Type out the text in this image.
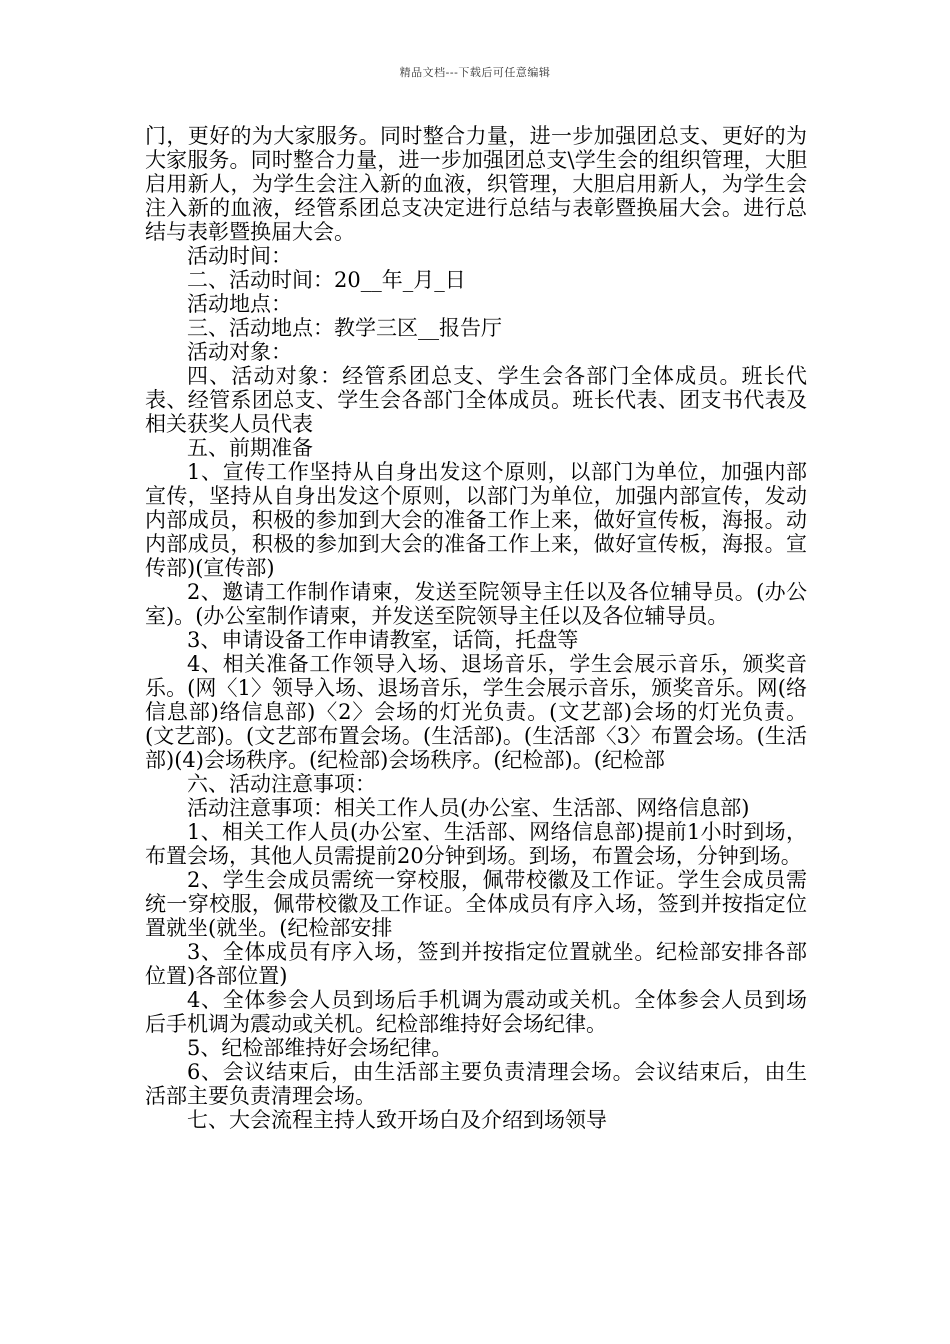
精品文档---下载后可任意编辑

门，更好的为大家服务。同时整合力量，进一步加强团总支、更好的为大家服务。同时整合力量，进一步加强团总支\学生会的组织管理，大胆启用新人，为学生会注入新的血液，织管理，大胆启用新人，为学生会注入新的血液，经管系团总支决定进行总结与表彰暨换届大会。进行总结与表彰暨换届大会。

活动时间：

二、活动时间：20__年_月_日

活动地点：

三、活动地点：教学三区__报告厅

活动对象：

四、活动对象：经管系团总支、学生会各部门全体成员。班长代表、经管系团总支、学生会各部门全体成员。班长代表、团支书代表及相关获奖人员代表

五、前期准备

1、宣传工作坚持从自身出发这个原则，以部门为单位，加强内部宣传，坚持从自身出发这个原则，以部门为单位，加强内部宣传，发动内部成员，积极的参加到大会的准备工作上来，做好宣传板，海报。动内部成员，积极的参加到大会的准备工作上来，做好宣传板，海报。宣传部)(宣传部)

2、邀请工作制作请柬，发送至院领导主任以及各位辅导员。(办公室)。(办公室制作请柬，并发送至院领导主任以及各位辅导员。

3、申请设备工作申请教室，话筒，托盘等

4、相关准备工作领导入场、退场音乐，学生会展示音乐，颁奖音乐。(网〈1〉领导入场、退场音乐，学生会展示音乐，颁奖音乐。网(络信息部)络信息部)〈2〉会场的灯光负责。(文艺部)会场的灯光负责。(文艺部)。(文艺部布置会场。(生活部)。(生活部〈3〉布置会场。(生活部)(4)会场秩序。(纪检部)会场秩序。(纪检部)。(纪检部

六、活动注意事项：

活动注意事项：相关工作人员(办公室、生活部、网络信息部)

1、相关工作人员(办公室、生活部、网络信息部)提前1小时到场，布置会场，其他人员需提前20分钟到场。到场，布置会场，分钟到场。

2、学生会成员需统一穿校服，佩带校徽及工作证。学生会成员需统一穿校服，佩带校徽及工作证。全体成员有序入场，签到并按指定位置就坐(就坐。(纪检部安排

3、全体成员有序入场，签到并按指定位置就坐。纪检部安排各部位置)各部位置)

4、全体参会人员到场后手机调为震动或关机。全体参会人员到场后手机调为震动或关机。纪检部维持好会场纪律。

5、纪检部维持好会场纪律。

6、会议结束后，由生活部主要负责清理会场。会议结束后，由生活部主要负责清理会场。

七、大会流程主持人致开场白及介绍到场领导
